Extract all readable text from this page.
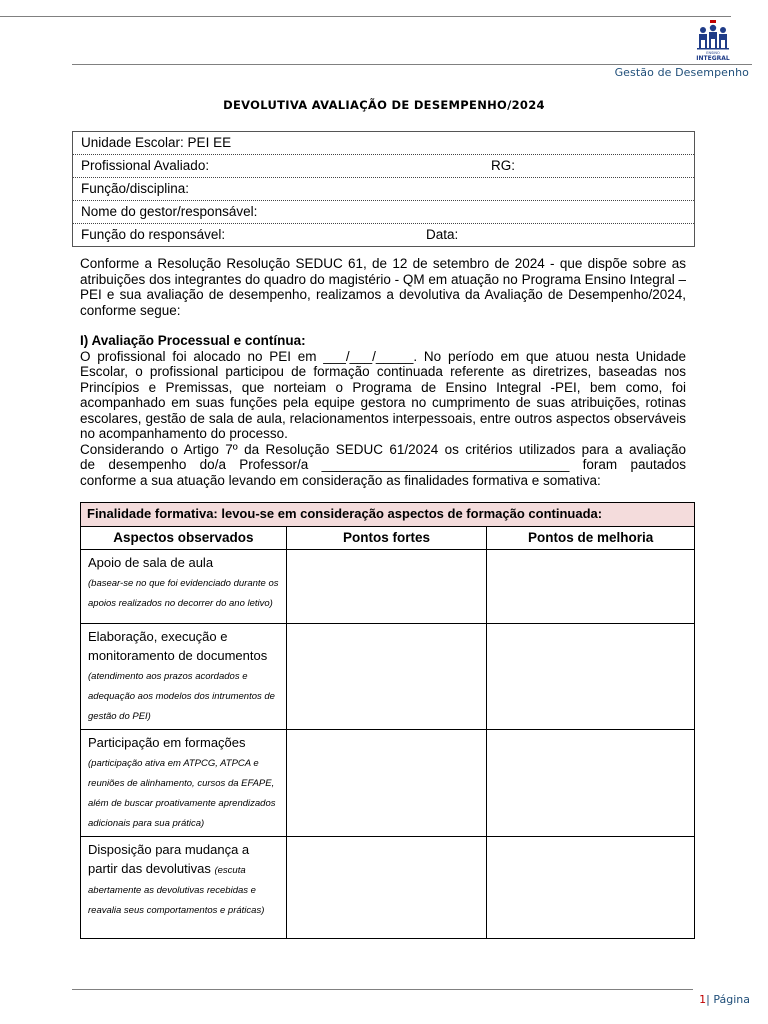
ENSINO
INTEGRAL
Gestão de Desempenho
DEVOLUTIVA AVALIAÇÃO DE DESEMPENHO/2024
Unidade Escolar: PEI EE
Profissional Avaliado:	RG:
Função/disciplina:
Nome do gestor/responsável:
Função do responsável:	Data:

Conforme a Resolução Resolução SEDUC 61, de 12 de setembro de 2024 - que dispõe sobre as atribuições dos integrantes do quadro do magistério - QM em atuação no Programa Ensino Integral – PEI e sua avaliação de desempenho, realizamos a devolutiva da Avaliação de Desempenho/2024, conforme segue:

I) Avaliação Processual e contínua:

O profissional foi alocado no PEI em ___/___/_____. No período em que atuou nesta Unidade Escolar, o profissional participou de formação continuada referente as diretrizes, baseadas nos Princípios e Premissas, que norteiam o Programa de Ensino Integral -PEI, bem como, foi acompanhado em suas funções pela equipe gestora no cumprimento de suas atribuições, rotinas escolares, gestão de sala de aula, relacionamentos interpessoais, entre outros aspectos observáveis no acompanhamento do processo.

Considerando o Artigo 7º da Resolução SEDUC 61/2024 os critérios utilizados para a avaliação

de desempenho do/a Professor/a _________________________________ foram pautados

conforme a sua atuação levando em consideração as finalidades formativa e somativa:

Finalidade formativa: levou-se em consideração aspectos de formação continuada:		
Aspectos observados	Pontos fortes	Pontos de melhoria
Apoio de sala de aula
(basear-se no que foi evidenciado durante os apoios realizados no decorrer do ano letivo)		
Elaboração, execução e monitoramento de documentos
(atendimento aos prazos acordados e adequação aos modelos dos intrumentos de gestão do PEI)		
Participação em formações
(participação ativa em ATPCG, ATPCA e reuniões de alinhamento, cursos da EFAPE, além de buscar proativamente aprendizados adicionais para sua prática)		
Disposição para mudança a partir das devolutivas (escuta abertamente as devolutivas recebidas e reavalia seus comportamentos e práticas)		
1| Página
